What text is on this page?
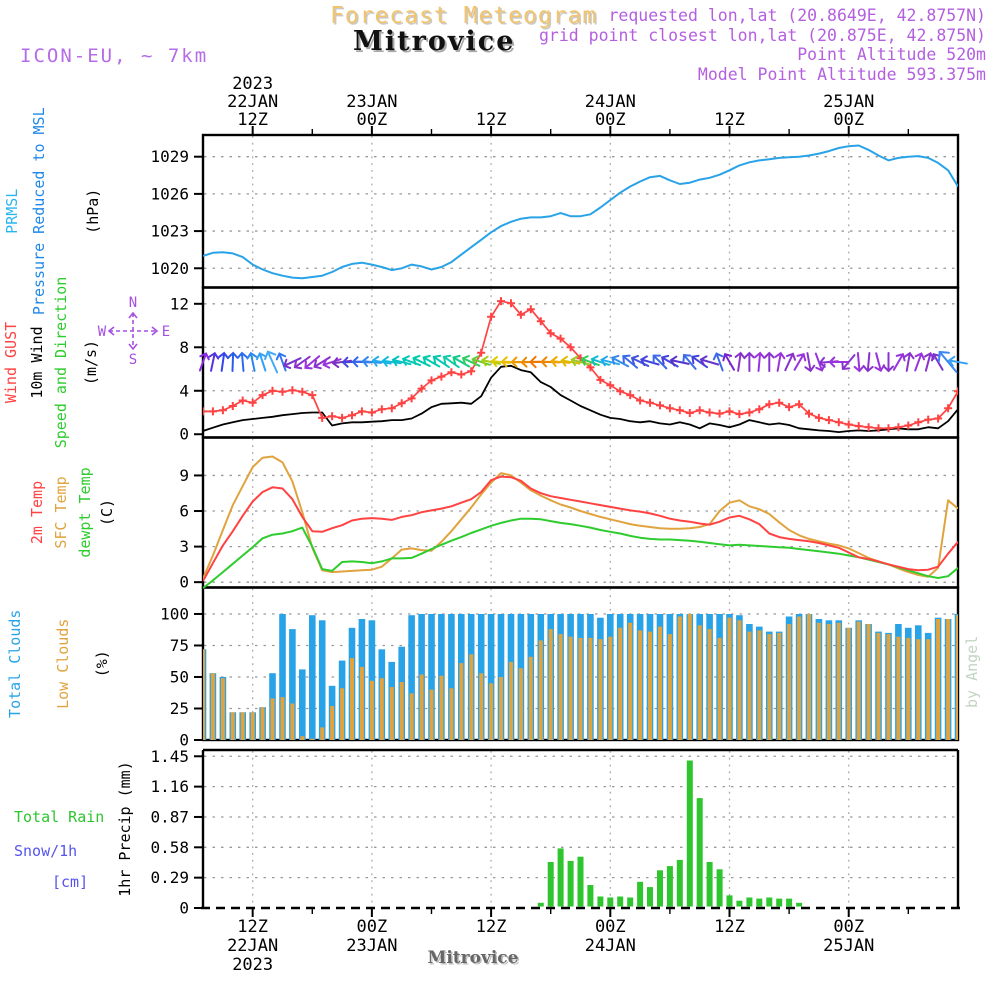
1020
1023
1026
1029
PRMSL Pressure Reduced to MSL (hPa)
0
4
8
12
Wind GUST 10m Wind Speed and Direction (m/s)
0
3
6
9
2m Temp SFC Temp dewpt Temp (C)
0
25
50
75
100
Total Clouds Low Clouds (%)
0
0.29
0.58
0.87
1.16
1.45
Total Rain
Snow/1h
[cm] 1hr Precip (mm)
12Z
12Z
22JAN
22JAN
2023
2023
00Z
00Z
23JAN
23JAN
12Z
12Z
00Z
00Z
24JAN
24JAN
12Z
12Z
00Z
00Z
25JAN
25JAN
N
S
W	E
Forecast Meteogram
Mitrovice
ICON-EU, ~ 7km
requested lon,lat (20.8649E, 42.8757N)
grid point closest lon,lat (20.875E, 42.875N)
Point Altitude 520m
Model Point Altitude 593.375m
by Angel
Mitrovice
